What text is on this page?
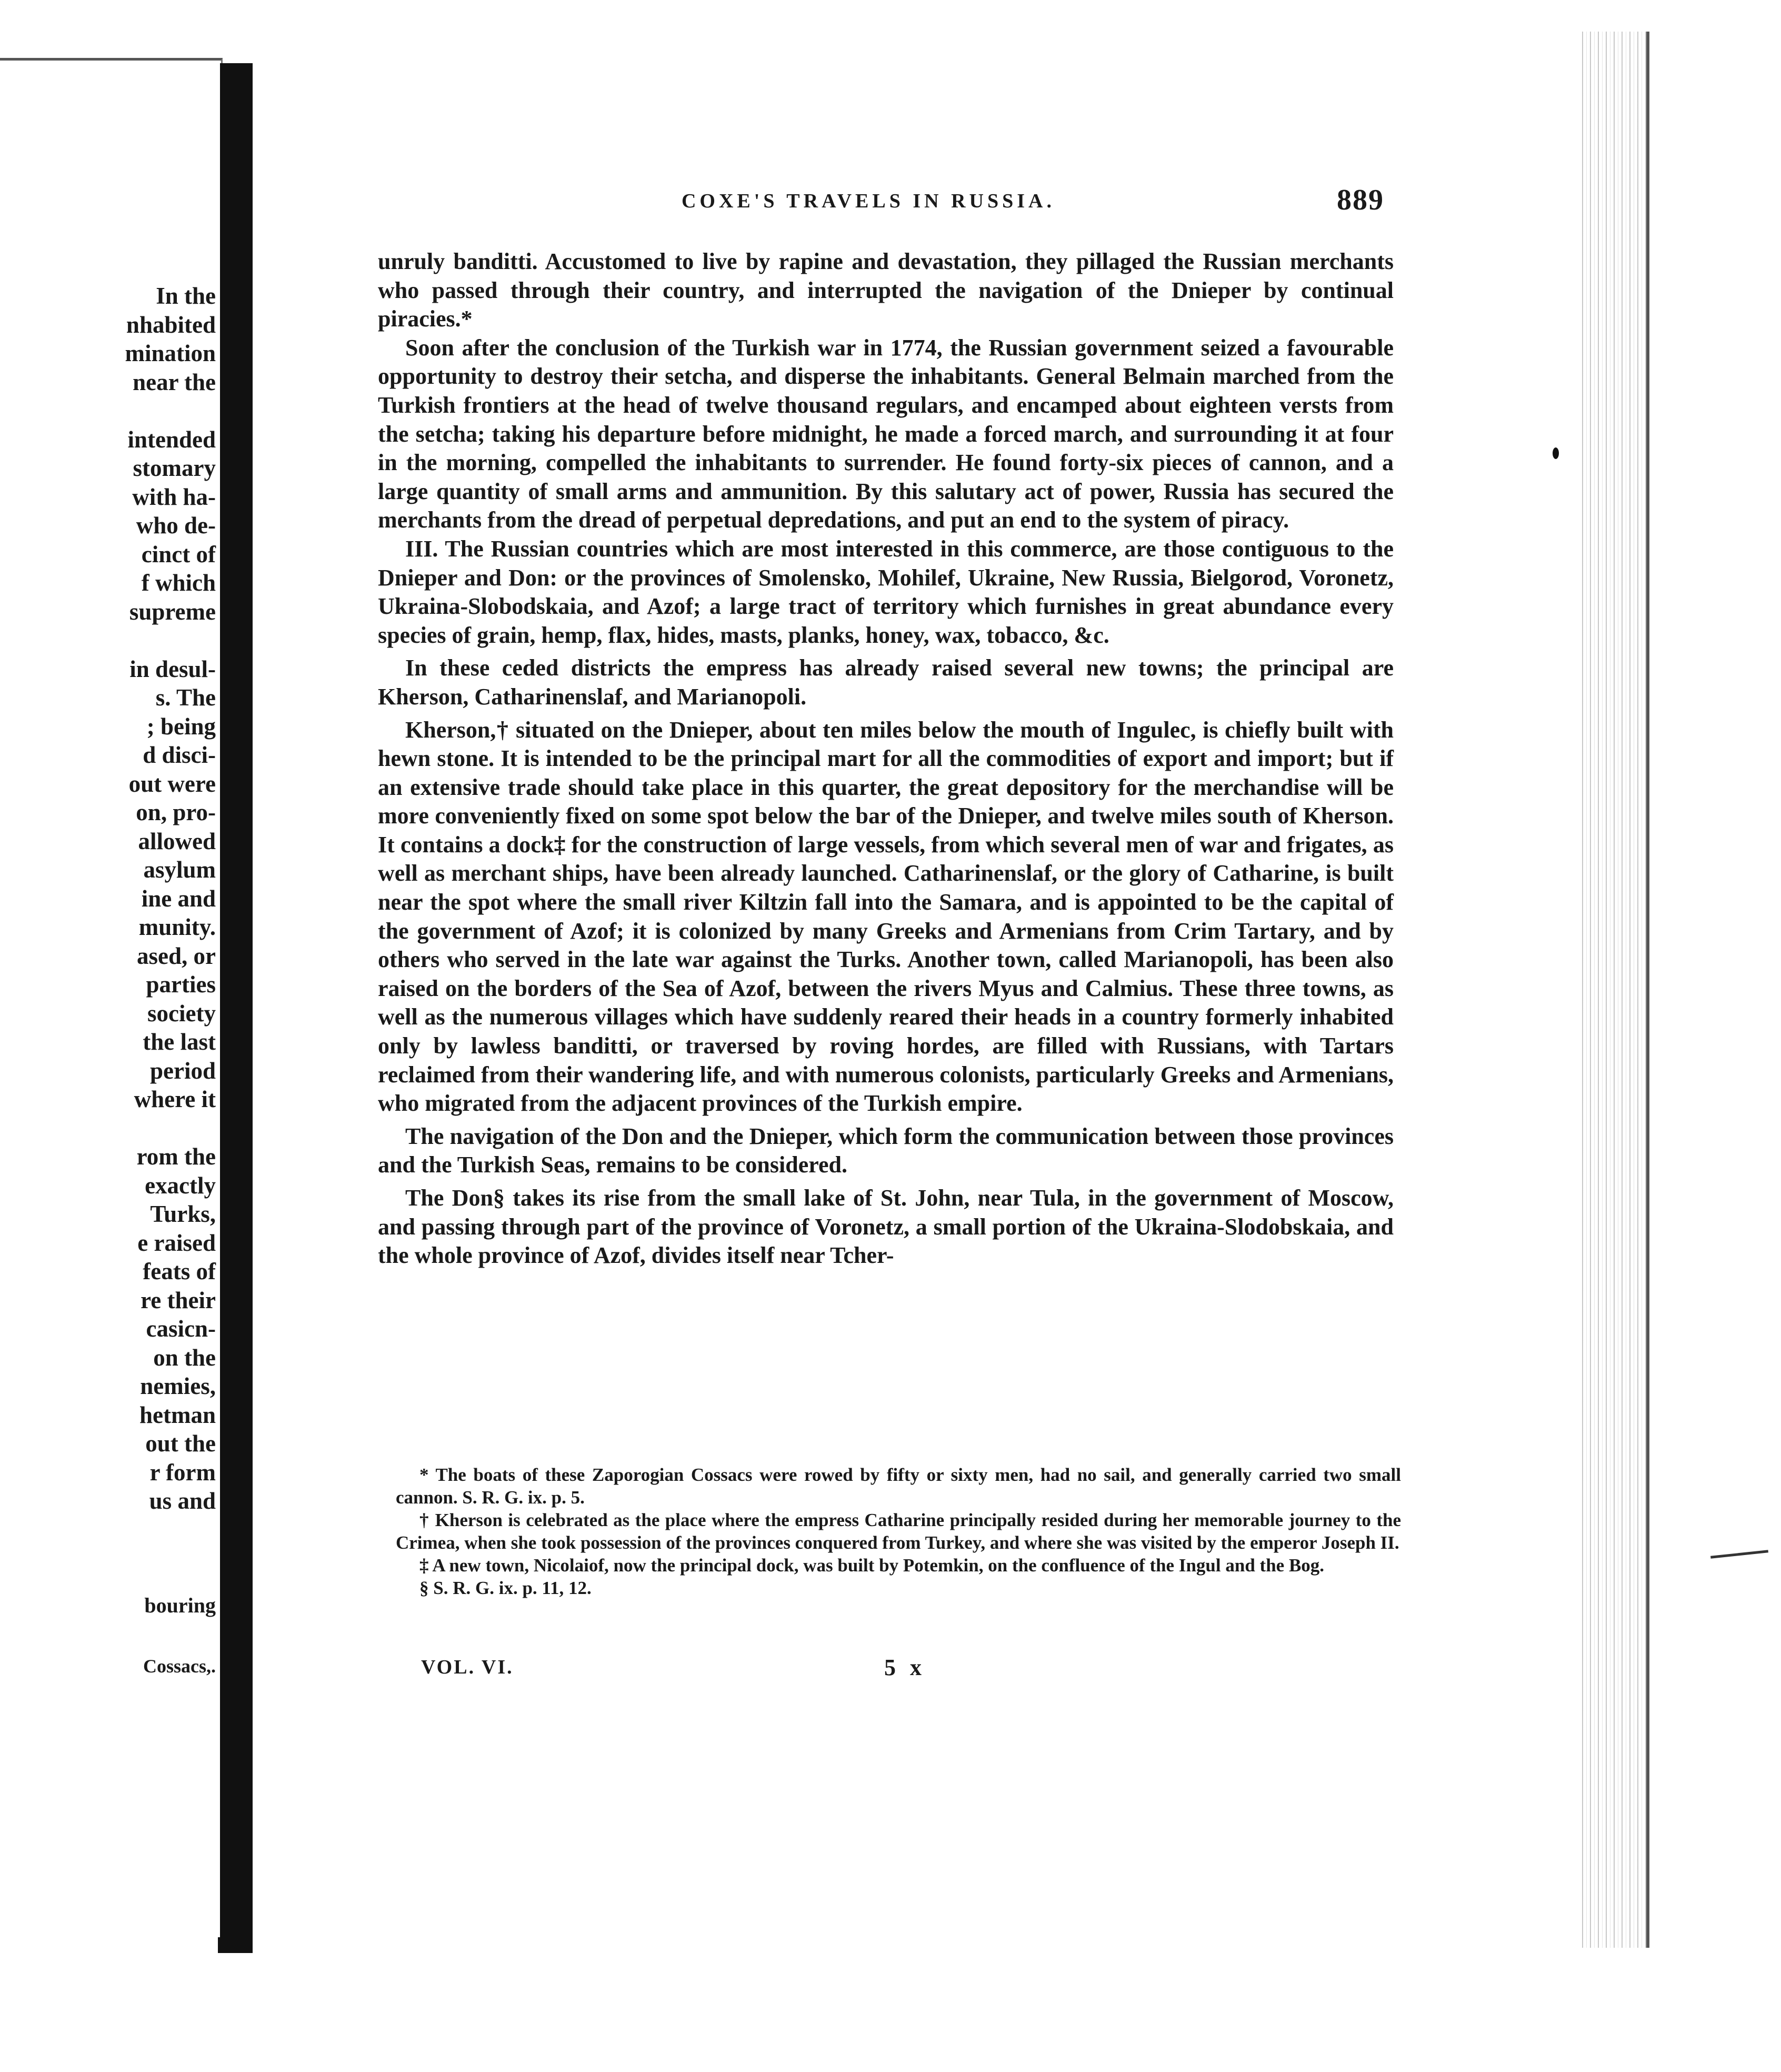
In the
nhabited
mination
near the
intended
stomary
with ha-
who de-
cinct of
f which
supreme
in desul-
s. The
; being
d disci-
out were
on, pro-
allowed
asylum
ine and
munity.
ased, or
parties
society
the last
period
where it
rom the
exactly
Turks,
e raised
feats of
re their
casicn-
on the
nemies,
hetman
out the
r form
us and
bouring
Cossacs,.
COXE'S TRAVELS IN RUSSIA.	889

unruly banditti. Accustomed to live by rapine and devastation, they pillaged the Russian merchants who passed through their country, and interrupted the navigation of the Dnieper by continual piracies.*

Soon after the conclusion of the Turkish war in 1774, the Russian government seized a favourable opportunity to destroy their setcha, and disperse the inhabitants. General Belmain marched from the Turkish frontiers at the head of twelve thousand regulars, and encamped about eighteen versts from the setcha; taking his departure before midnight, he made a forced march, and surrounding it at four in the morning, compelled the inhabitants to surrender. He found forty-six pieces of cannon, and a large quantity of small arms and ammunition. By this salutary act of power, Russia has secured the merchants from the dread of perpetual depredations, and put an end to the system of piracy.

III. The Russian countries which are most interested in this commerce, are those contiguous to the Dnieper and Don: or the provinces of Smolensko, Mohilef, Ukraine, New Russia, Bielgorod, Voronetz, Ukraina-Slobodskaia, and Azof; a large tract of territory which furnishes in great abundance every species of grain, hemp, flax, hides, masts, planks, honey, wax, tobacco, &c.

In these ceded districts the empress has already raised several new towns; the principal are Kherson, Catharinenslaf, and Marianopoli.

Kherson,† situated on the Dnieper, about ten miles below the mouth of Ingulec, is chiefly built with hewn stone. It is intended to be the principal mart for all the commodities of export and import; but if an extensive trade should take place in this quarter, the great depository for the merchandise will be more conveniently fixed on some spot below the bar of the Dnieper, and twelve miles south of Kherson. It contains a dock‡ for the construction of large vessels, from which several men of war and frigates, as well as merchant ships, have been already launched. Catharinenslaf, or the glory of Catharine, is built near the spot where the small river Kiltzin fall into the Samara, and is appointed to be the capital of the government of Azof; it is colonized by many Greeks and Armenians from Crim Tartary, and by others who served in the late war against the Turks. Another town, called Marianopoli, has been also raised on the borders of the Sea of Azof, between the rivers Myus and Calmius. These three towns, as well as the numerous villages which have suddenly reared their heads in a country formerly inhabited only by lawless banditti, or traversed by roving hordes, are filled with Russians, with Tartars reclaimed from their wandering life, and with numerous colonists, particularly Greeks and Armenians, who migrated from the adjacent provinces of the Turkish empire.

The navigation of the Don and the Dnieper, which form the communication between those provinces and the Turkish Seas, remains to be considered.

The Don§ takes its rise from the small lake of St. John, near Tula, in the government of Moscow, and passing through part of the province of Voronetz, a small portion of the Ukraina-Slodobskaia, and the whole province of Azof, divides itself near Tcher-

* The boats of these Zaporogian Cossacs were rowed by fifty or sixty men, had no sail, and generally carried two small cannon. S. R. G. ix. p. 5.

† Kherson is celebrated as the place where the empress Catharine principally resided during her memorable journey to the Crimea, when she took possession of the provinces conquered from Turkey, and where she was visited by the emperor Joseph II.

‡ A new town, Nicolaiof, now the principal dock, was built by Potemkin, on the confluence of the Ingul and the Bog.

§ S. R. G. ix. p. 11, 12.

VOL. VI.	5 x
